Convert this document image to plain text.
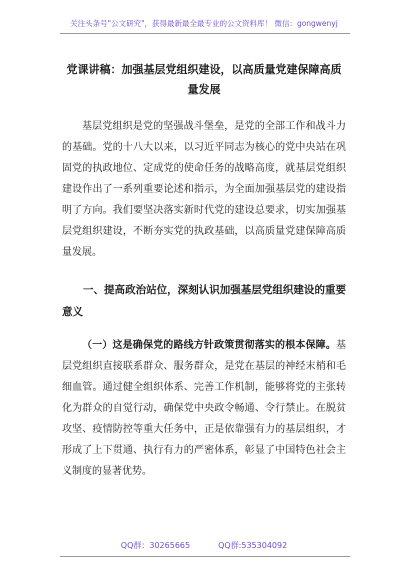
关注头条号"公文研究"，获得最新最全最专业的公文资料库！ 微信：gongwenyj
党课讲稿：加强基层党组织建设，以高质量党建保障高质量发展

基层党组织是党的坚强战斗堡垒，是党的全部工作和战斗力的基础。党的十八大以来，以习近平同志为核心的党中央站在巩固党的执政地位、定成党的使命任务的战略高度，就基层党组织建设作出了一系列重要论述和指示，为全面加强基层党的建设指明了方向。我们要坚决落实新时代党的建设总要求，切实加强基层党组织建设，不断夯实党的执政基础，以高质量党建保障高质量发展。

一、提高政治站位，深刻认识加强基层党组织建设的重要意义

（一）这是确保党的路线方针政策贯彻落实的根本保障。基层党组织直接联系群众、服务群众，是党在基层的神经末梢和毛细血管。通过健全组织体系、完善工作机制，能够将党的主张转化为群众的自觉行动，确保党中央政令畅通、令行禁止。在脱贫攻坚、疫情防控等重大任务中，正是依靠强有力的基层组织，才形成了上下贯通、执行有力的严密体系，彰显了中国特色社会主义制度的显著优势。

QQ群：30265665	QQ群:535304092
